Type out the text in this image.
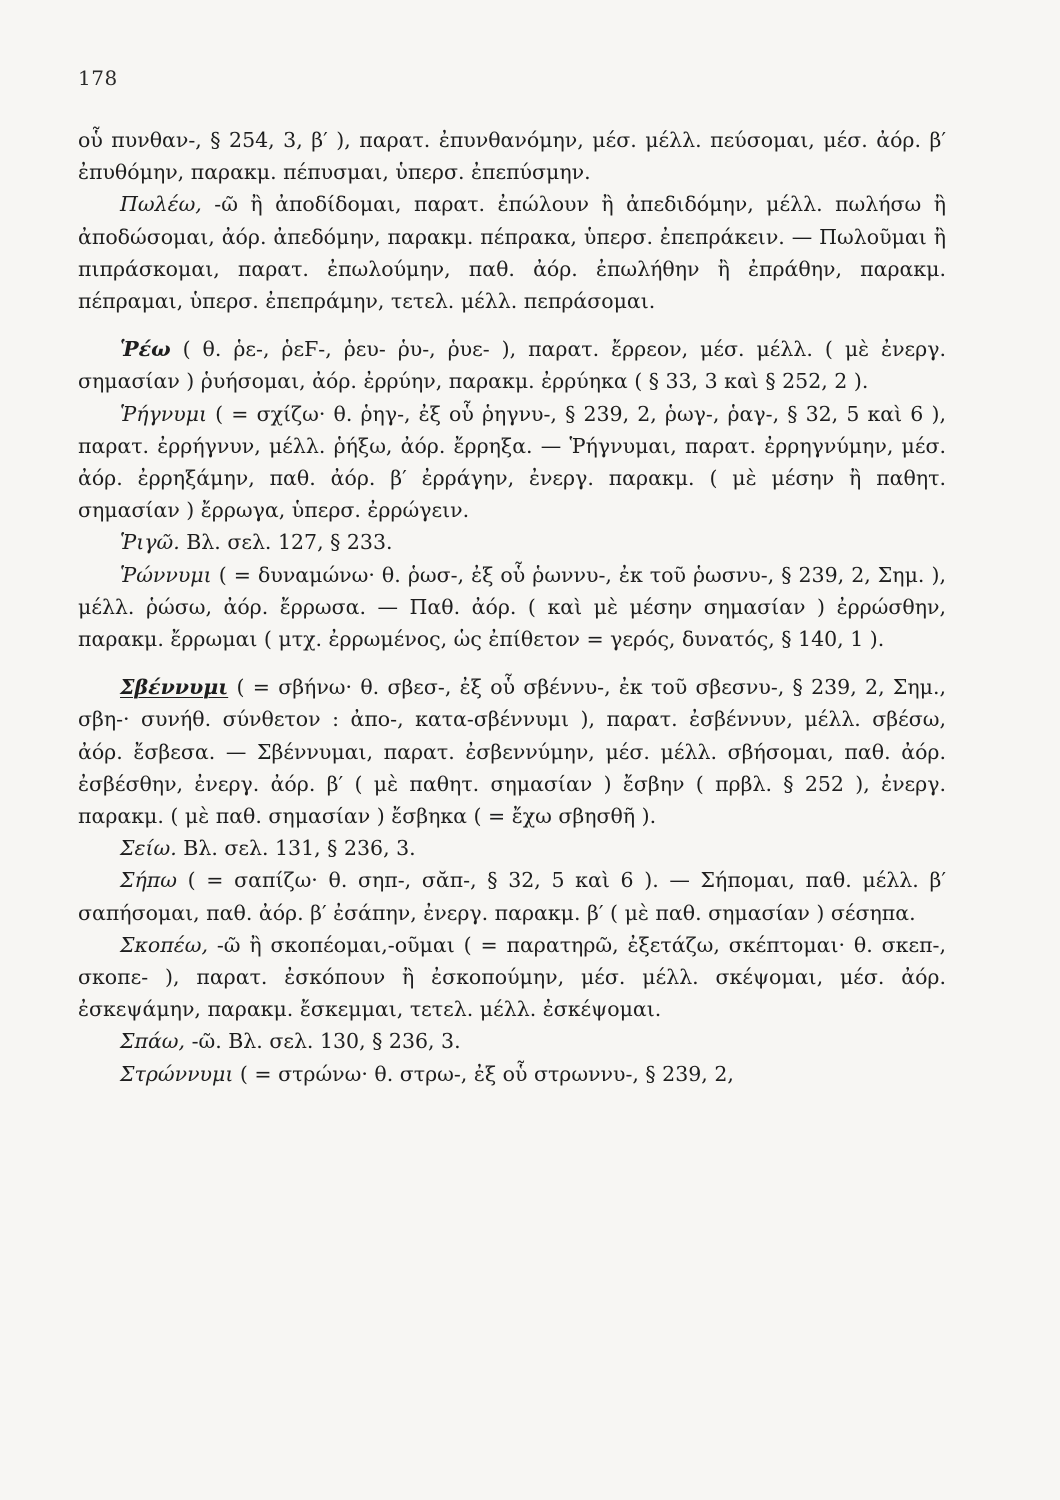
178

οὗ πυνθαν-, § 254, 3, β′ ), παρατ. ἐπυνθανόμην, μέσ. μέλλ. πεύσομαι, μέσ. ἀόρ. β′ ἐπυθόμην, παρακμ. πέπυσμαι, ὑπερσ. ἐπεπύσμην.

Πωλέω, -ῶ ἢ ἀποδίδομαι, παρατ. ἐπώλουν ἢ ἀπεδιδόμην, μέλλ. πωλήσω ἢ ἀποδώσομαι, ἀόρ. ἀπεδόμην, παρακμ. πέπρακα, ὑπερσ. ἐπεπράκειν. — Πωλοῦμαι ἢ πιπράσκομαι, παρατ. ἐπωλούμην, παθ. ἀόρ. ἐπωλήθην ἢ ἐπράθην, παρακμ. πέπραμαι, ὑπερσ. ἐπεπράμην, τετελ. μέλλ. πεπράσομαι.

Ῥέω ( θ. ῥε-, ῥεϜ-, ῥευ- ῥυ-, ῥυε- ), παρατ. ἔρρεον, μέσ. μέλλ. ( μὲ ἐνεργ. σημασίαν ) ῥυήσομαι, ἀόρ. ἐρρύην, παρακμ. ἐρρύηκα ( § 33, 3 καὶ § 252, 2 ).

Ῥήγνυμι ( = σχίζω· θ. ῥηγ-, ἐξ οὗ ῥηγνυ-, § 239, 2, ῥωγ-, ῥαγ-, § 32, 5 καὶ 6 ), παρατ. ἐρρήγνυν, μέλλ. ῥήξω, ἀόρ. ἔρρηξα. — Ῥήγνυμαι, παρατ. ἐρρηγνύμην, μέσ. ἀόρ. ἐρρηξάμην, παθ. ἀόρ. β′ ἐρράγην, ἐνεργ. παρακμ. ( μὲ μέσην ἢ παθητ. σημασίαν ) ἔρρωγα, ὑπερσ. ἐρρώγειν.

Ῥιγῶ. Βλ. σελ. 127, § 233.

Ῥώννυμι ( = δυναμώνω· θ. ῥωσ-, ἐξ οὗ ῥωννυ-, ἐκ τοῦ ῥωσνυ-, § 239, 2, Σημ. ), μέλλ. ῥώσω, ἀόρ. ἔρρωσα. — Παθ. ἀόρ. ( καὶ μὲ μέσην σημασίαν ) ἐρρώσθην, παρακμ. ἔρρωμαι ( μτχ. ἐρρωμένος, ὡς ἐπίθετον = γερός, δυνατός, § 140, 1 ).

Σβέννυμι ( = σβήνω· θ. σβεσ-, ἐξ οὗ σβέννυ-, ἐκ τοῦ σβεσνυ-, § 239, 2, Σημ., σβη-· συνήθ. σύνθετον : ἀπο-, κατα-σβέννυμι ), παρατ. ἐσβέννυν, μέλλ. σβέσω, ἀόρ. ἔσβεσα. — Σβέννυμαι, παρατ. ἐσβεννύμην, μέσ. μέλλ. σβήσομαι, παθ. ἀόρ. ἐσβέσθην, ἐνεργ. ἀόρ. β′ ( μὲ παθητ. σημασίαν ) ἔσβην ( πρβλ. § 252 ), ἐνεργ. παρακμ. ( μὲ παθ. σημασίαν ) ἔσβηκα ( = ἔχω σβησθῆ ).

Σείω. Βλ. σελ. 131, § 236, 3.

Σήπω ( = σαπίζω· θ. σηπ-, σᾰπ-, § 32, 5 καὶ 6 ). — Σήπομαι, παθ. μέλλ. β′ σαπήσομαι, παθ. ἀόρ. β′ ἐσάπην, ἐνεργ. παρακμ. β′ ( μὲ παθ. σημασίαν ) σέσηπα.

Σκοπέω, -ῶ ἢ σκοπέομαι,-οῦμαι ( = παρατηρῶ, ἐξετάζω, σκέπτομαι· θ. σκεπ-, σκοπε- ), παρατ. ἐσκόπουν ἢ ἐσκοπούμην, μέσ. μέλλ. σκέψομαι, μέσ. ἀόρ. ἐσκεψάμην, παρακμ. ἔσκεμμαι, τετελ. μέλλ. ἐσκέψομαι.

Σπάω, -ῶ. Βλ. σελ. 130, § 236, 3.

Στρώννυμι ( = στρώνω· θ. στρω-, ἐξ οὗ στρωννυ-, § 239, 2,
